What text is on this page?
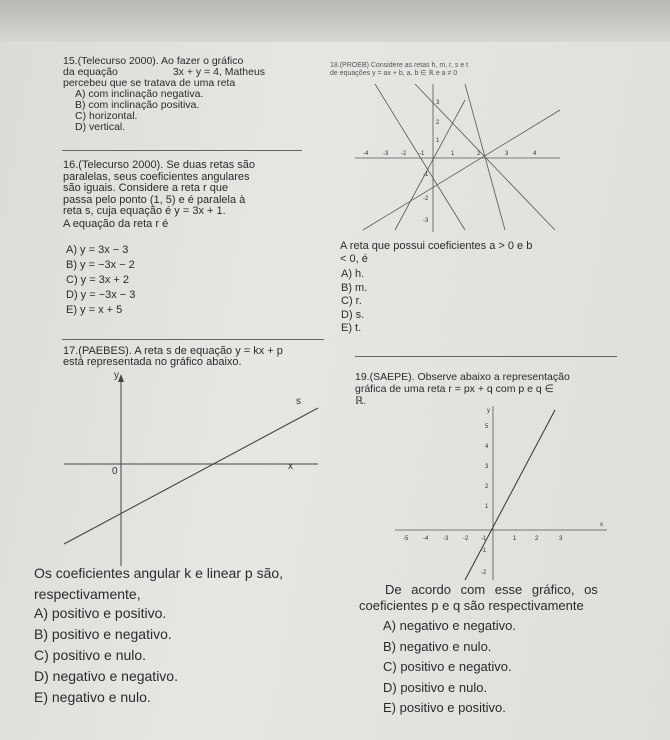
15.(Telecurso 2000). Ao fazer o gráfico
da equação	3x + y = 4, Matheus
percebeu que se tratava de uma reta
A) com inclinação negativa.
B) com inclinação positiva.
C) horizontal.
D) vertical.
16.(Telecurso 2000). Se duas retas são
paralelas, seus coeficientes angulares
são iguais. Considere a reta r que
passa pelo ponto (1, 5) e é paralela à
reta s, cuja equação é y = 3x + 1.
A equação da reta r é
A) y = 3x − 3
B) y = −3x − 2
C) y = 3x + 2
D) y = −3x − 3
E) y = x + 5
17.(PAEBES). A reta s de equação y = kx + p
está representada no gráfico abaixo.
y
x
0
s
Os coeficientes angular k e linear p são,
respectivamente,
A) positivo e positivo.
B) positivo e negativo.
C) positivo e nulo.
D) negativo e negativo.
E) negativo e nulo.
18.(PROEB) Considere as retas h, m, r, s e t
de equações y = ax + b, a, b ∈ ℝ e a ≠ 0
-4 -3 -2 -1	1	2	3	4
3
2
1
-1
-2
-3
A reta que possui coeficientes a > 0 e b
< 0, é
A) h.
B) m.
C) r.
D) s.
E) t.
19.(SAEPE). Observe abaixo a representação
gráfica de uma reta r = px + q com p e q ∈
ℝ.
y
x
-5 -4 -3 -2 -1	1	2	3
5
4
3
2
1
-1
-2
De acordo com esse gráfico, os
coeficientes p e q são respectivamente
A) negativo e negativo.
B) negativo e nulo.
C) positivo e negativo.
D) positivo e nulo.
E) positivo e positivo.
